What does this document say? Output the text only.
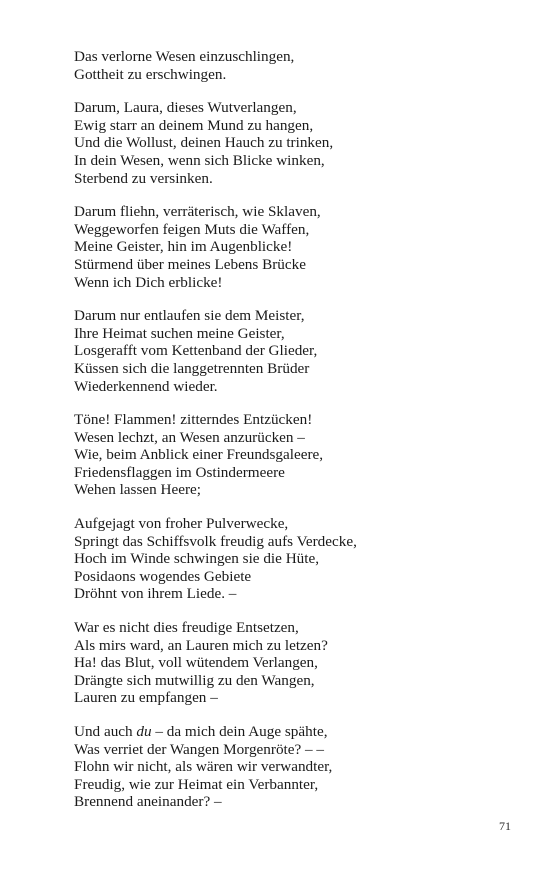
Das verlorne Wesen einzuschlingen,
Gottheit zu erschwingen.
Darum, Laura, dieses Wutverlangen,
Ewig starr an deinem Mund zu hangen,
Und die Wollust, deinen Hauch zu trinken,
In dein Wesen, wenn sich Blicke winken,
Sterbend zu versinken.
Darum fliehn, verräterisch, wie Sklaven,
Weggeworfen feigen Muts die Waffen,
Meine Geister, hin im Augenblicke!
Stürmend über meines Lebens Brücke
Wenn ich Dich erblicke!
Darum nur entlaufen sie dem Meister,
Ihre Heimat suchen meine Geister,
Losgerafft vom Kettenband der Glieder,
Küssen sich die langgetrennten Brüder
Wiederkennend wieder.
Töne! Flammen! zitterndes Entzücken!
Wesen lechzt, an Wesen anzurücken –
Wie, beim Anblick einer Freundsgaleere,
Friedensflaggen im Ostindermeere
Wehen lassen Heere;
Aufgejagt von froher Pulverwecke,
Springt das Schiffsvolk freudig aufs Verdecke,
Hoch im Winde schwingen sie die Hüte,
Posidaons wogendes Gebiete
Dröhnt von ihrem Liede. –
War es nicht dies freudige Entsetzen,
Als mirs ward, an Lauren mich zu letzen?
Ha! das Blut, voll wütendem Verlangen,
Drängte sich mutwillig zu den Wangen,
Lauren zu empfangen –
Und auch du – da mich dein Auge spähte,
Was verriet der Wangen Morgenröte? – –
Flohn wir nicht, als wären wir verwandter,
Freudig, wie zur Heimat ein Verbannter,
Brennend aneinander? –
71
